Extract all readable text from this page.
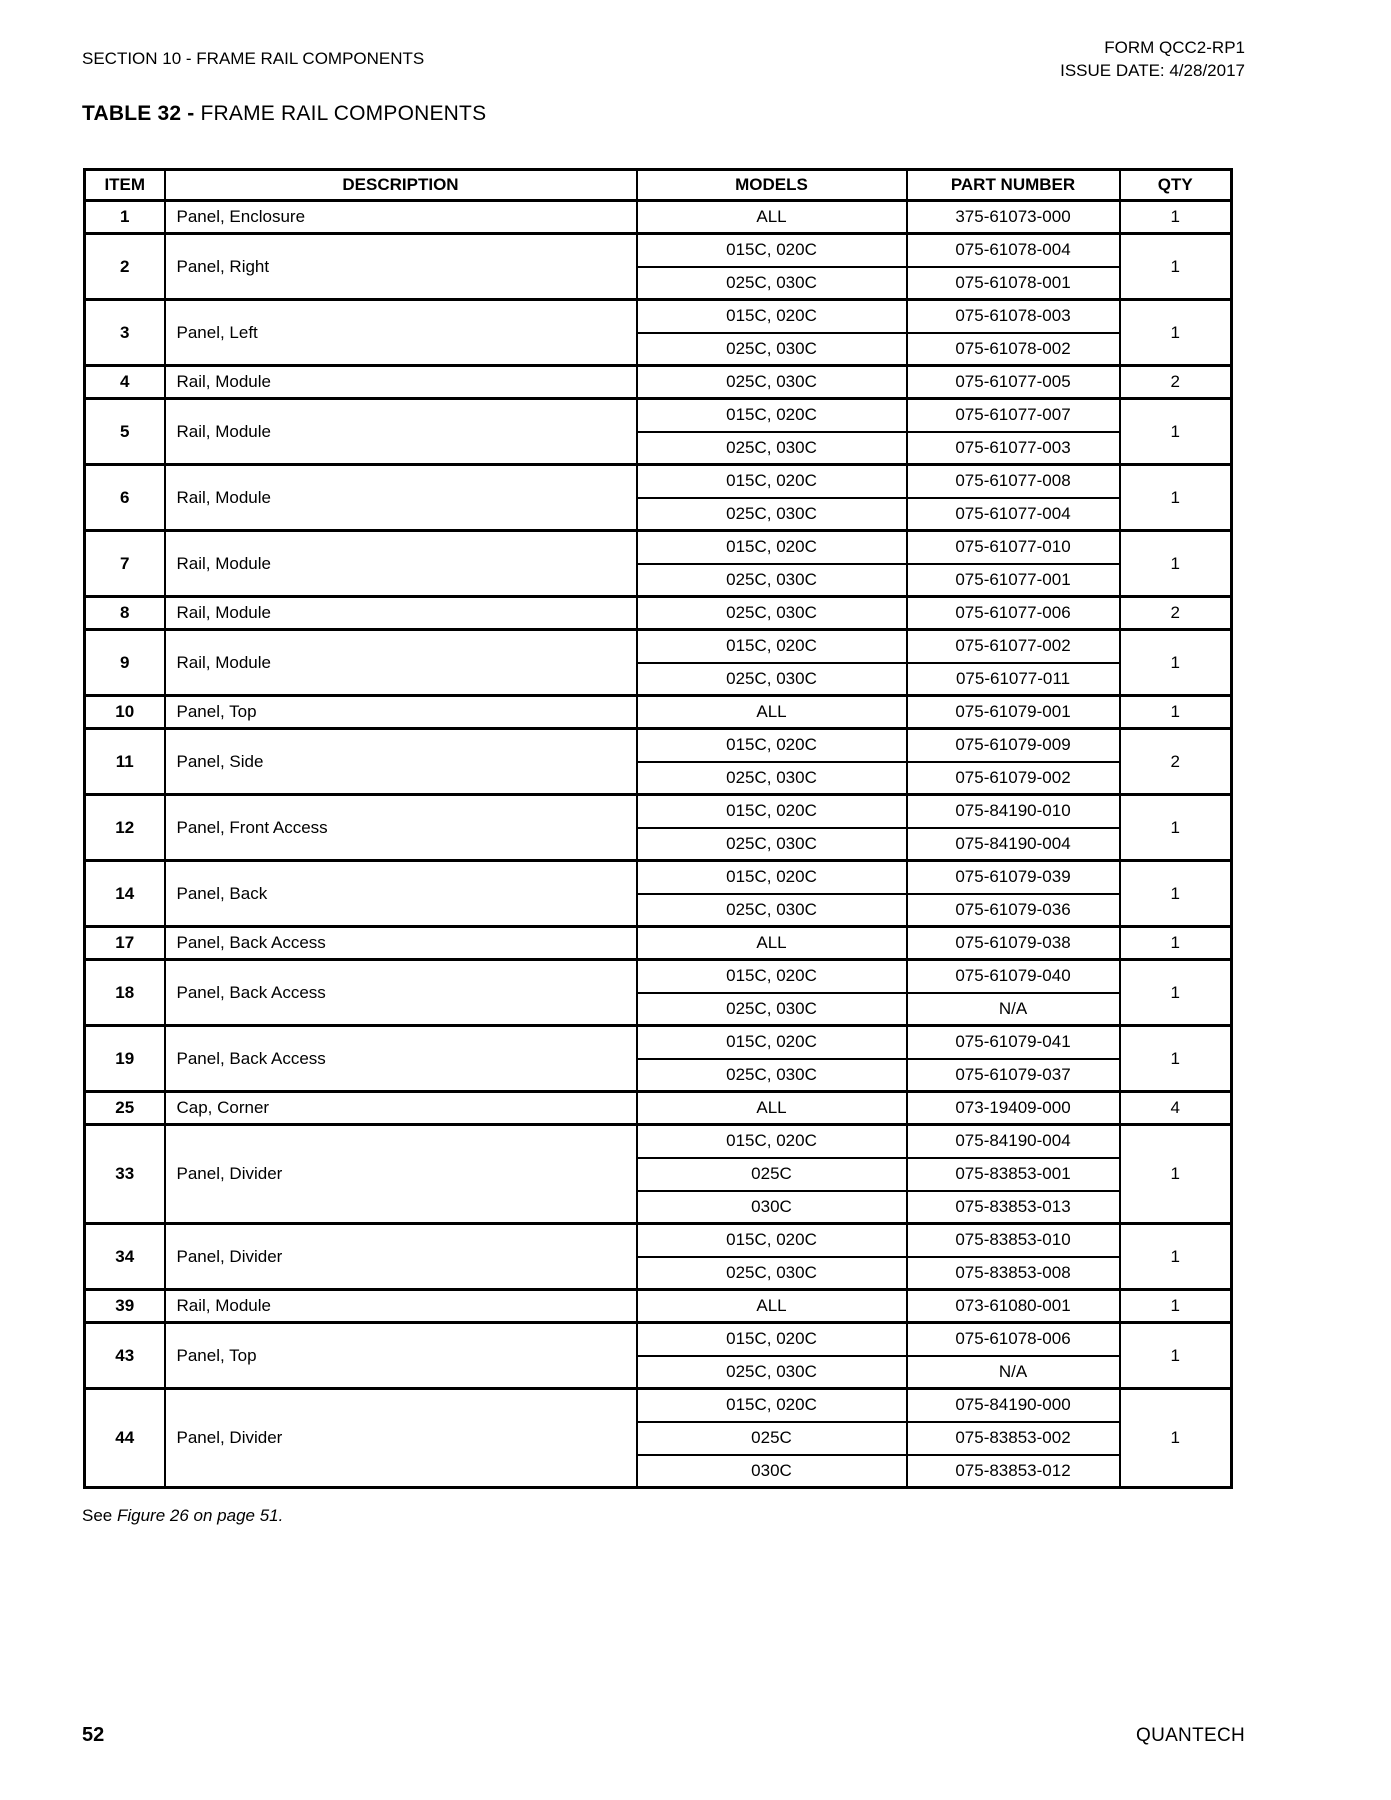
SECTION 10 - FRAME RAIL COMPONENTS
FORM QCC2-RP1
ISSUE DATE: 4/28/2017
TABLE 32 - FRAME RAIL COMPONENTS
ITEM	DESCRIPTION	MODELS	PART NUMBER	QTY
1	Panel, Enclosure	ALL	375-61073-000	1
2	Panel, Right	015C, 020C	075-61078-004	1
		025C, 030C	075-61078-001	
3	Panel, Left	015C, 020C	075-61078-003	1
		025C, 030C	075-61078-002	
4	Rail, Module	025C, 030C	075-61077-005	2
5	Rail, Module	015C, 020C	075-61077-007	1
		025C, 030C	075-61077-003	
6	Rail, Module	015C, 020C	075-61077-008	1
		025C, 030C	075-61077-004	
7	Rail, Module	015C, 020C	075-61077-010	1
		025C, 030C	075-61077-001	
8	Rail, Module	025C, 030C	075-61077-006	2
9	Rail, Module	015C, 020C	075-61077-002	1
		025C, 030C	075-61077-011	
10	Panel, Top	ALL	075-61079-001	1
11	Panel, Side	015C, 020C	075-61079-009	2
		025C, 030C	075-61079-002	
12	Panel, Front Access	015C, 020C	075-84190-010	1
		025C, 030C	075-84190-004	
14	Panel, Back	015C, 020C	075-61079-039	1
		025C, 030C	075-61079-036	
17	Panel, Back Access	ALL	075-61079-038	1
18	Panel, Back Access	015C, 020C	075-61079-040	1
		025C, 030C	N/A	
19	Panel, Back Access	015C, 020C	075-61079-041	1
		025C, 030C	075-61079-037	
25	Cap, Corner	ALL	073-19409-000	4
33	Panel, Divider	015C, 020C	075-84190-004	1
		025C	075-83853-001	
		030C	075-83853-013	
34	Panel, Divider	015C, 020C	075-83853-010	1
		025C, 030C	075-83853-008	
39	Rail, Module	ALL	073-61080-001	1
43	Panel, Top	015C, 020C	075-61078-006	1
		025C, 030C	N/A	
44	Panel, Divider	015C, 020C	075-84190-000	1
		025C	075-83853-002	
		030C	075-83853-012	
See Figure 26 on page 51.
52	QUANTECH
